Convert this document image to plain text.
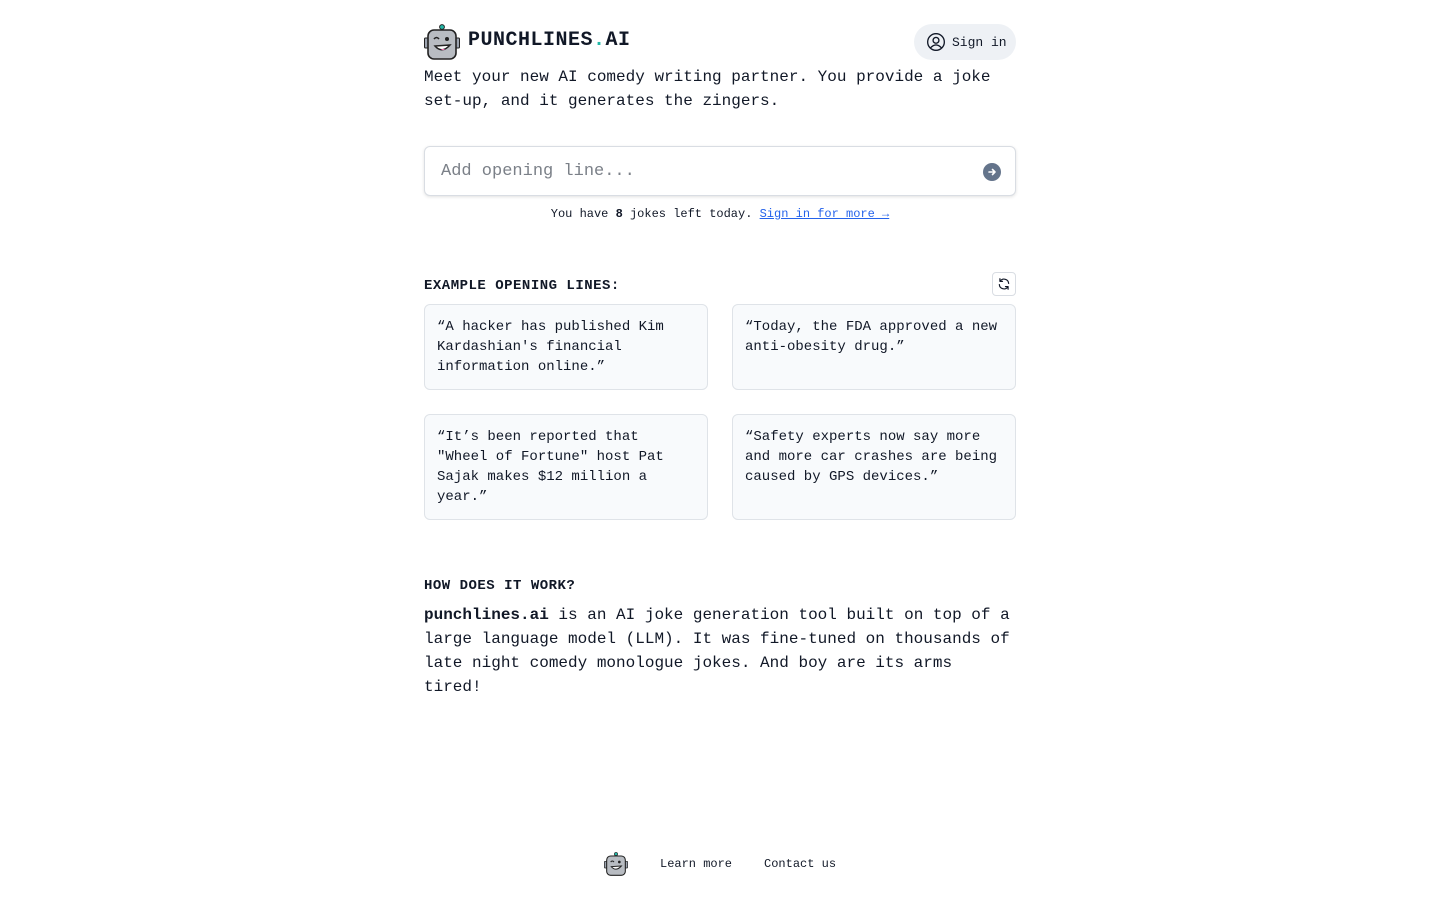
PUNCHLINES.AI	Sign in

Meet your new AI comedy writing partner. You provide a joke set-up, and it generates the zingers.

Add opening line...
You have 8 jokes left today. Sign in for more →
EXAMPLE OPENING LINES:
“A hacker has published Kim Kardashian's financial information online.”
“Today, the FDA approved a new anti-obesity drug.”
“It’s been reported that "Wheel of Fortune" host Pat Sajak makes $12 million a year.”
“Safety experts now say more and more car crashes are being caused by GPS devices.”
HOW DOES IT WORK?

punchlines.ai is an AI joke generation tool built on top of a large language model (LLM). It was fine-tuned on thousands of late night comedy monologue jokes. And boy are its arms tired!

Learn more	Contact us
